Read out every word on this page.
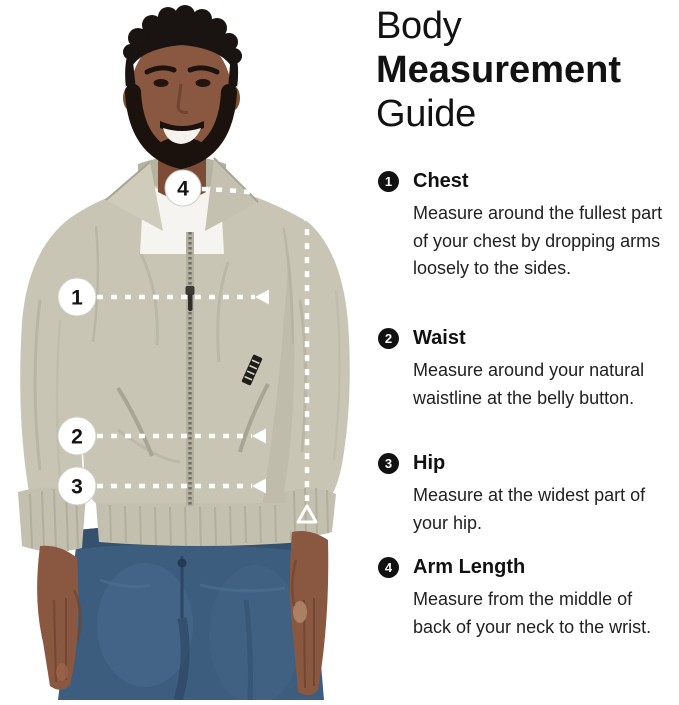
1
2
3
4
Body
Measurement
Guide
1	Chest

Measure around the fullest part of your chest by dropping arms loosely to the sides.

2	Waist

Measure around your natural waistline at the belly button.

3	Hip

Measure at the widest part of your hip.

4	Arm Length

Measure from the middle of back of your neck to the wrist.
